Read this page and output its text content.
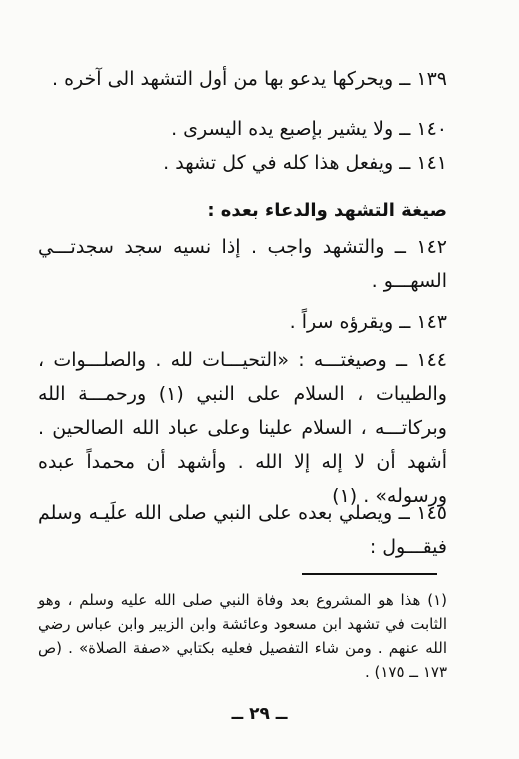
١٣٩ ــ ويحركها يدعو بها من أول التشهد الى آخره .

١٤٠ ــ ولا يشير بإصبع يده اليسرى .

١٤١ ــ ويفعل هذا كله في كل تشهد .

صيغة التشهد والدعاء بعده :

١٤٢ ــ والتشهد واجب . إذا نسيه سجد سجدتـــي السهـــو .

١٤٣ ــ ويقرؤه سراً .

١٤٤ ــ وصيغتـــه : «التحيـــات لله . والصلـــوات ، والطيبات ، السلام على النبي (١) ورحمـــة الله وبركاتـــه ، السلام علينا وعلى عباد الله الصالحين . أشهد أن لا إله إلا الله . وأشهد أن محمداً عبده ورسوله» . (١)

١٤٥ ــ ويصلي بعده على النبي صلى الله علَيـه وسلم فيقـــول :

(١) هذا هو المشروع بعد وفاة النبي صلى الله عليه وسلم ، وهو الثابت في تشهد ابن مسعود وعائشة وابن الزبير وابن عباس رضي الله عنهم . ومن شاء التفصيل فعليه بكتابي «صفة الصلاة» . (ص ١٧٣ ــ ١٧٥) .

ــ ٢٩ ــ
